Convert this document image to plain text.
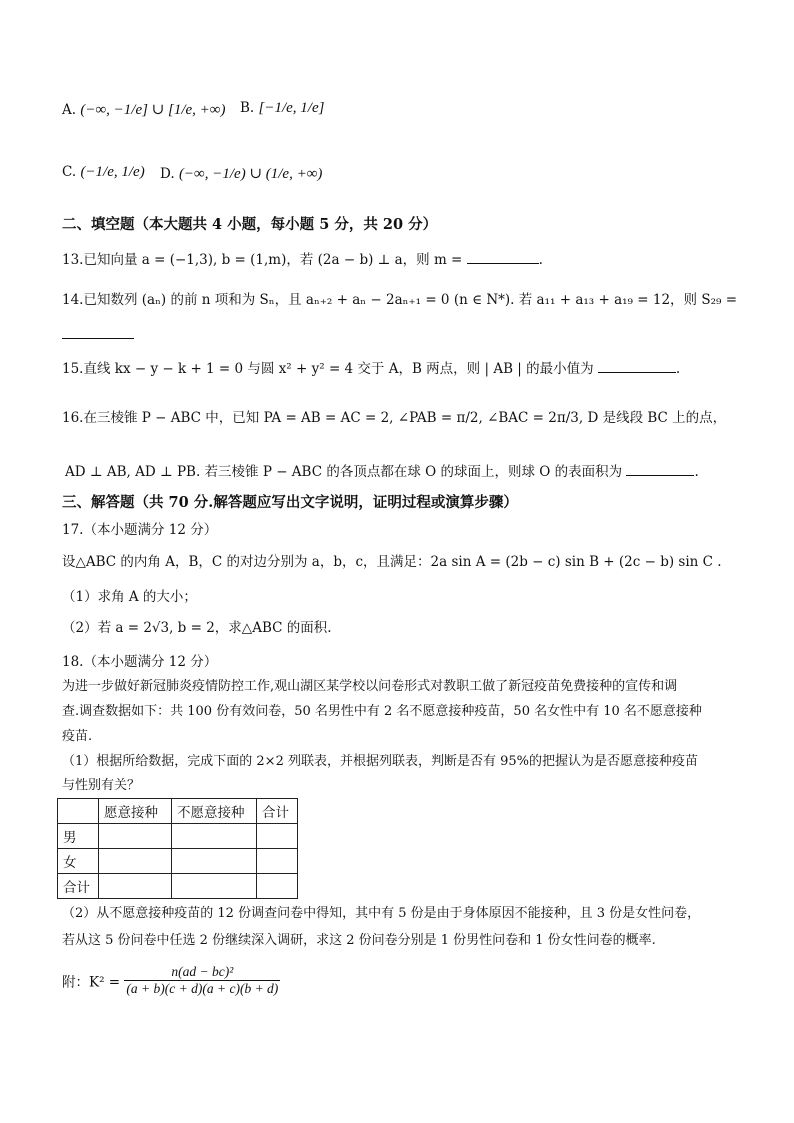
A. (−∞, −1/e] ∪ [1/e, +∞) B. [−1/e, 1/e]
C. (−1/e, 1/e) D. (−∞, −1/e) ∪ (1/e, +∞)
二、填空题（本大题共 4 小题，每小题 5 分，共 20 分）
13.已知向量 a = (−1,3), b = (1,m)，若 (2a − b) ⊥ a，则 m =	.
14.已知数列 (aₙ) 的前 n 项和为 Sₙ，且 aₙ₊₂ + aₙ − 2aₙ₊₁ = 0 (n ∈ N*). 若 a₁₁ + a₁₃ + a₁₉ = 12，则 S₂₉ =
15.直线 kx − y − k + 1 = 0 与圆 x² + y² = 4 交于 A，B 两点，则 | AB | 的最小值为	.
16.在三棱锥 P − ABC 中，已知 PA = AB = AC = 2, ∠PAB = π/2, ∠BAC = 2π/3, D 是线段 BC 上的点，
AD ⊥ AB, AD ⊥ PB. 若三棱锥 P − ABC 的各顶点都在球 O 的球面上，则球 O 的表面积为	.
三、解答题（共 70 分.解答题应写出文字说明，证明过程或演算步骤）
17.（本小题满分 12 分）
设△ABC 的内角 A，B，C 的对边分别为 a，b，c，且满足：2a sin A = (2b − c) sin B + (2c − b) sin C .
（1）求角 A 的大小；
（2）若 a = 2√3, b = 2，求△ABC 的面积.
18.（本小题满分 12 分）
为进一步做好新冠肺炎疫情防控工作,观山湖区某学校以问卷形式对教职工做了新冠疫苗免费接种的宣传和调
查.调查数据如下：共 100 份有效问卷，50 名男性中有 2 名不愿意接种疫苗，50 名女性中有 10 名不愿意接种
疫苗.
（1）根据所给数据，完成下面的 2×2 列联表，并根据列联表，判断是否有 95%的把握认为是否愿意接种疫苗
与性别有关？
	愿意接种	不愿意接种	合计
男			
女			
合计			
（2）从不愿意接种疫苗的 12 份调查问卷中得知，其中有 5 份是由于身体原因不能接种，且 3 份是女性问卷，
若从这 5 份问卷中任选 2 份继续深入调研，求这 2 份问卷分别是 1 份男性问卷和 1 份女性问卷的概率.
附：$K^2 = \frac{\text{n(ad − bc)²}}{(a + b)(c + d)(a + c)(b + d)}$
